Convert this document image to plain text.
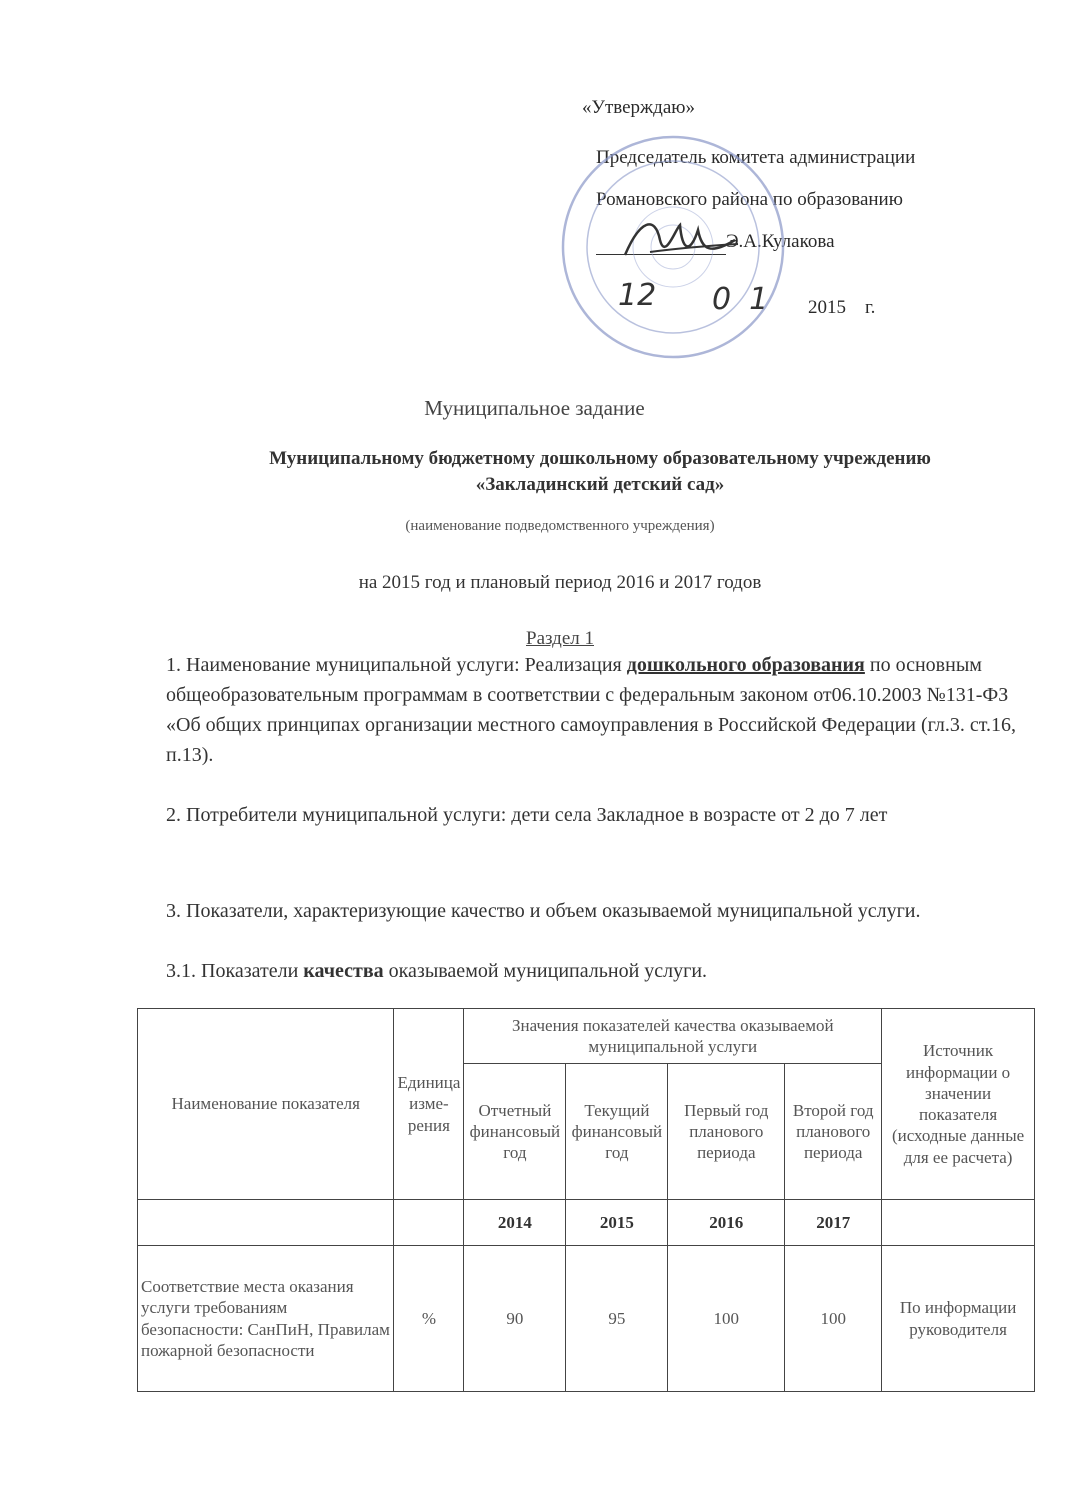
«Утверждаю»
Председатель комитета администрации
Романовского района по образованию
Э.А.Кулакова
2015 г.
12 01
Муниципальное задание
Муниципальному бюджетному дошкольному образовательному учреждению
«Закладинский детский сад»
(наименование подведомственного учреждения)
на 2015 год и плановый период 2016 и 2017 годов
Раздел 1
1. Наименование муниципальной услуги: Реализация дошкольного образования по основным общеобразовательным программам в соответствии с федеральным законом от06.10.2003 №131-ФЗ «Об общих принципах организации местного самоуправления в Российской Федерации (гл.3. ст.16, п.13).
2. Потребители муниципальной услуги: дети села Закладное в возрасте от 2 до 7 лет
3. Показатели, характеризующие качество и объем оказываемой муниципальной услуги.
3.1. Показатели качества оказываемой муниципальной услуги.
Наименование показателя	Единица изме-рения	Значения показателей качества оказываемой муниципальной услуги				Источник информации о значении показателя (исходные данные для ее расчета)
		Отчетный финансовый год	Текущий финансовый год	Первый год планового периода	Второй год планового периода	
		2014	2015	2016	2017	
Соответствие места оказания услуги требованиям безопасности: СанПиН, Правилам пожарной безопасности	%	90	95	100	100	По информации руководителя
